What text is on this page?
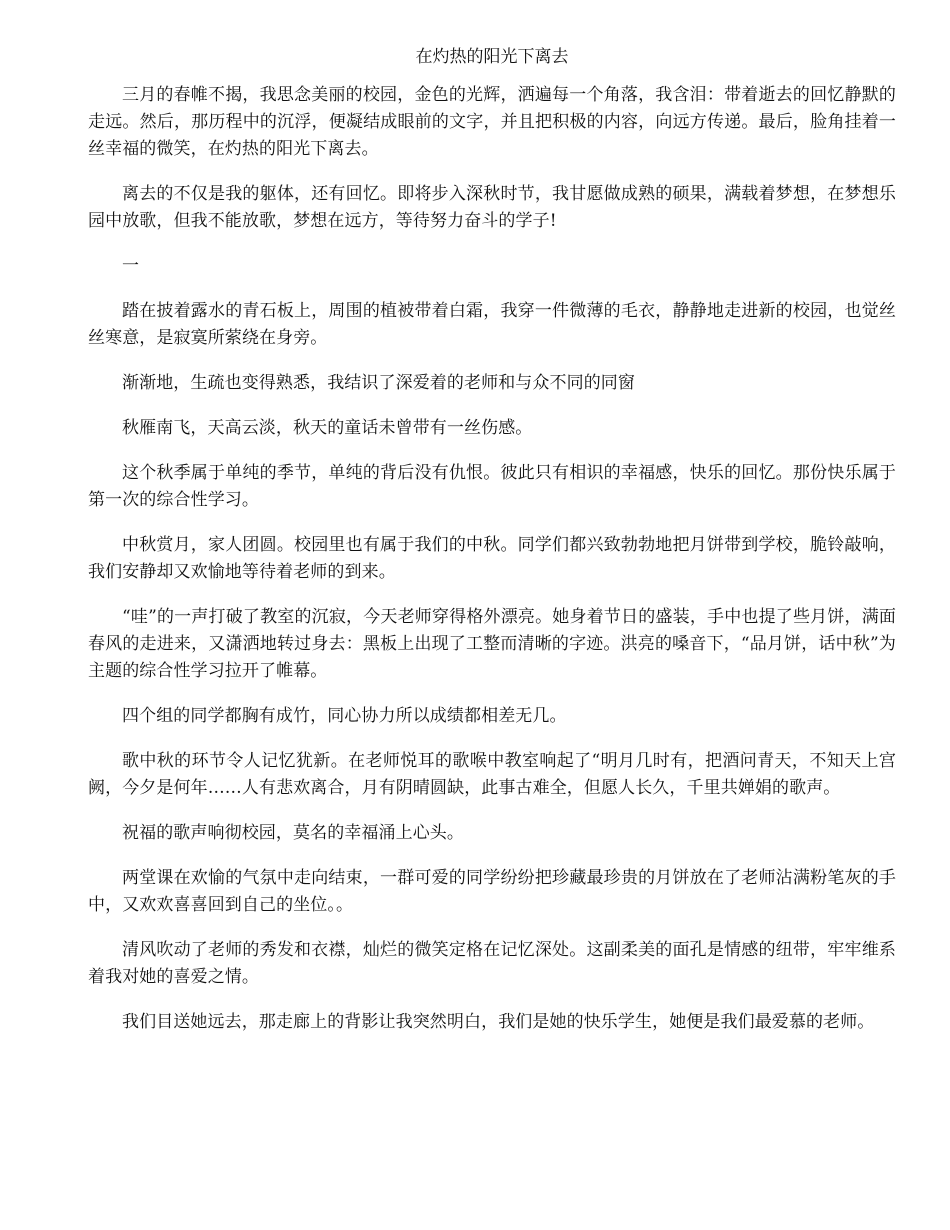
在灼热的阳光下离去

三月的春帷不揭，我思念美丽的校园，金色的光辉，洒遍每一个角落，我含泪：带着逝去的回忆静默的走远。然后，那历程中的沉浮，便凝结成眼前的文字，并且把积极的内容，向远方传递。最后，脸角挂着一丝幸福的微笑，在灼热的阳光下离去。

离去的不仅是我的躯体，还有回忆。即将步入深秋时节，我甘愿做成熟的硕果，满载着梦想，在梦想乐园中放歌，但我不能放歌，梦想在远方，等待努力奋斗的学子!

一

踏在披着露水的青石板上，周围的植被带着白霜，我穿一件微薄的毛衣，静静地走进新的校园，也觉丝丝寒意，是寂寞所萦绕在身旁。

渐渐地，生疏也变得熟悉，我结识了深爱着的老师和与众不同的同窗

秋雁南飞，天高云淡，秋天的童话未曾带有一丝伤感。

这个秋季属于单纯的季节，单纯的背后没有仇恨。彼此只有相识的幸福感，快乐的回忆。那份快乐属于第一次的综合性学习。

中秋赏月，家人团圆。校园里也有属于我们的中秋。同学们都兴致勃勃地把月饼带到学校，脆铃敲响，我们安静却又欢愉地等待着老师的到来。

“哇”的一声打破了教室的沉寂，今天老师穿得格外漂亮。她身着节日的盛装，手中也提了些月饼，满面春风的走进来，又潇洒地转过身去：黑板上出现了工整而清晰的字迹。洪亮的嗓音下，“品月饼，话中秋”为主题的综合性学习拉开了帷幕。

四个组的同学都胸有成竹，同心协力所以成绩都相差无几。

歌中秋的环节令人记忆犹新。在老师悦耳的歌喉中教室响起了“明月几时有，把酒问青天，不知天上宫阙，今夕是何年……人有悲欢离合，月有阴晴圆缺，此事古难全，但愿人长久，千里共婵娟的歌声。

祝福的歌声响彻校园，莫名的幸福涌上心头。

两堂课在欢愉的气氛中走向结束，一群可爱的同学纷纷把珍藏最珍贵的月饼放在了老师沾满粉笔灰的手中，又欢欢喜喜回到自己的坐位。。

清风吹动了老师的秀发和衣襟，灿烂的微笑定格在记忆深处。这副柔美的面孔是情感的纽带，牢牢维系着我对她的喜爱之情。

我们目送她远去，那走廊上的背影让我突然明白，我们是她的快乐学生，她便是我们最爱慕的老师。
